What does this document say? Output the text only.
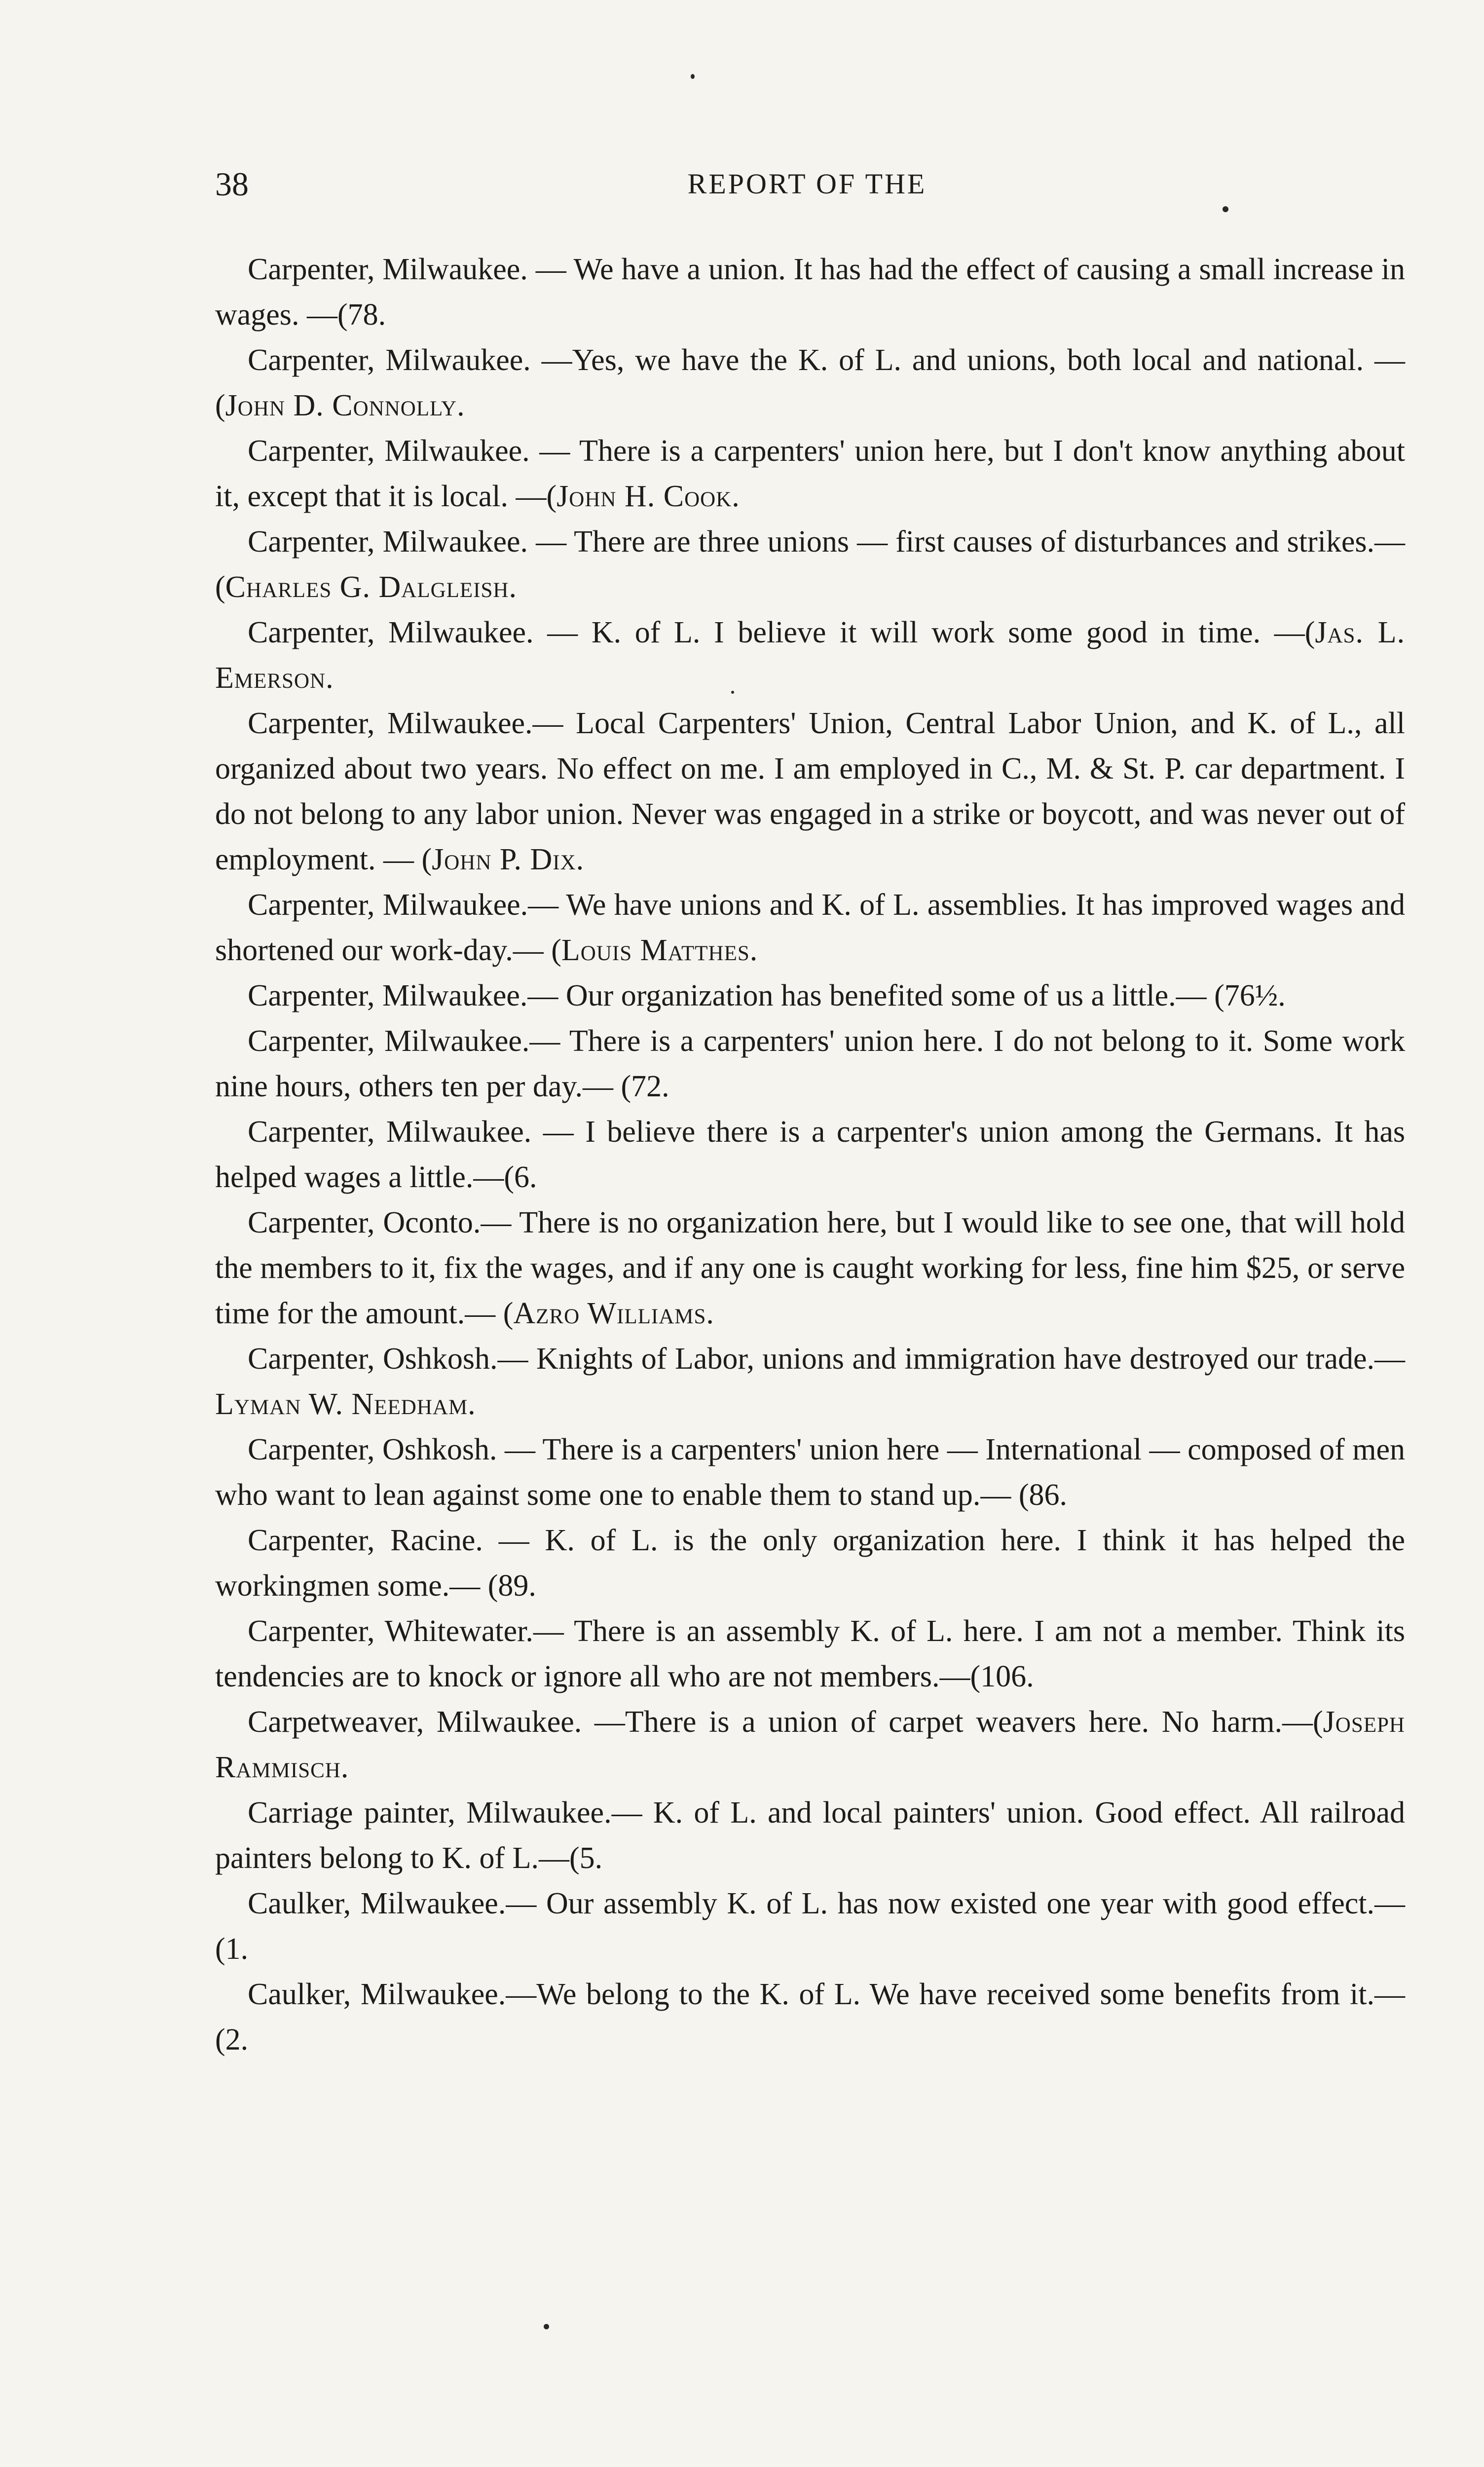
38	REPORT OF THE

Carpenter, Milwaukee. — We have a union. It has had the effect of causing a small increase in wages. —(78.

Carpenter, Milwaukee. —Yes, we have the K. of L. and unions, both local and national. —(John D. Connolly.

Carpenter, Milwaukee. — There is a carpenters' union here, but I don't know anything about it, except that it is local. —(John H. Cook.

Carpenter, Milwaukee. — There are three unions — first causes of disturbances and strikes.—(Charles G. Dalgleish.

Carpenter, Milwaukee. — K. of L. I believe it will work some good in time. —(Jas. L. Emerson.

Carpenter, Milwaukee.— Local Carpenters' Union, Central Labor Union, and K. of L., all organized about two years. No effect on me. I am employed in C., M. & St. P. car department. I do not belong to any labor union. Never was engaged in a strike or boycott, and was never out of employment. — (John P. Dix.

Carpenter, Milwaukee.— We have unions and K. of L. assemblies. It has improved wages and shortened our work-day.— (Louis Matthes.

Carpenter, Milwaukee.— Our organization has benefited some of us a little.— (76½.

Carpenter, Milwaukee.— There is a carpenters' union here. I do not belong to it. Some work nine hours, others ten per day.— (72.

Carpenter, Milwaukee. — I believe there is a carpenter's union among the Germans. It has helped wages a little.—(6.

Carpenter, Oconto.— There is no organization here, but I would like to see one, that will hold the members to it, fix the wages, and if any one is caught working for less, fine him $25, or serve time for the amount.— (Azro Williams.

Carpenter, Oshkosh.— Knights of Labor, unions and immigration have destroyed our trade.— Lyman W. Needham.

Carpenter, Oshkosh. — There is a carpenters' union here — International — composed of men who want to lean against some one to enable them to stand up.— (86.

Carpenter, Racine. — K. of L. is the only organization here. I think it has helped the workingmen some.— (89.

Carpenter, Whitewater.— There is an assembly K. of L. here. I am not a member. Think its tendencies are to knock or ignore all who are not members.—(106.

Carpetweaver, Milwaukee. —There is a union of carpet weavers here. No harm.—(Joseph Rammisch.

Carriage painter, Milwaukee.— K. of L. and local painters' union. Good effect. All railroad painters belong to K. of L.—(5.

Caulker, Milwaukee.— Our assembly K. of L. has now existed one year with good effect.—(1.

Caulker, Milwaukee.—We belong to the K. of L. We have received some benefits from it.—(2.
